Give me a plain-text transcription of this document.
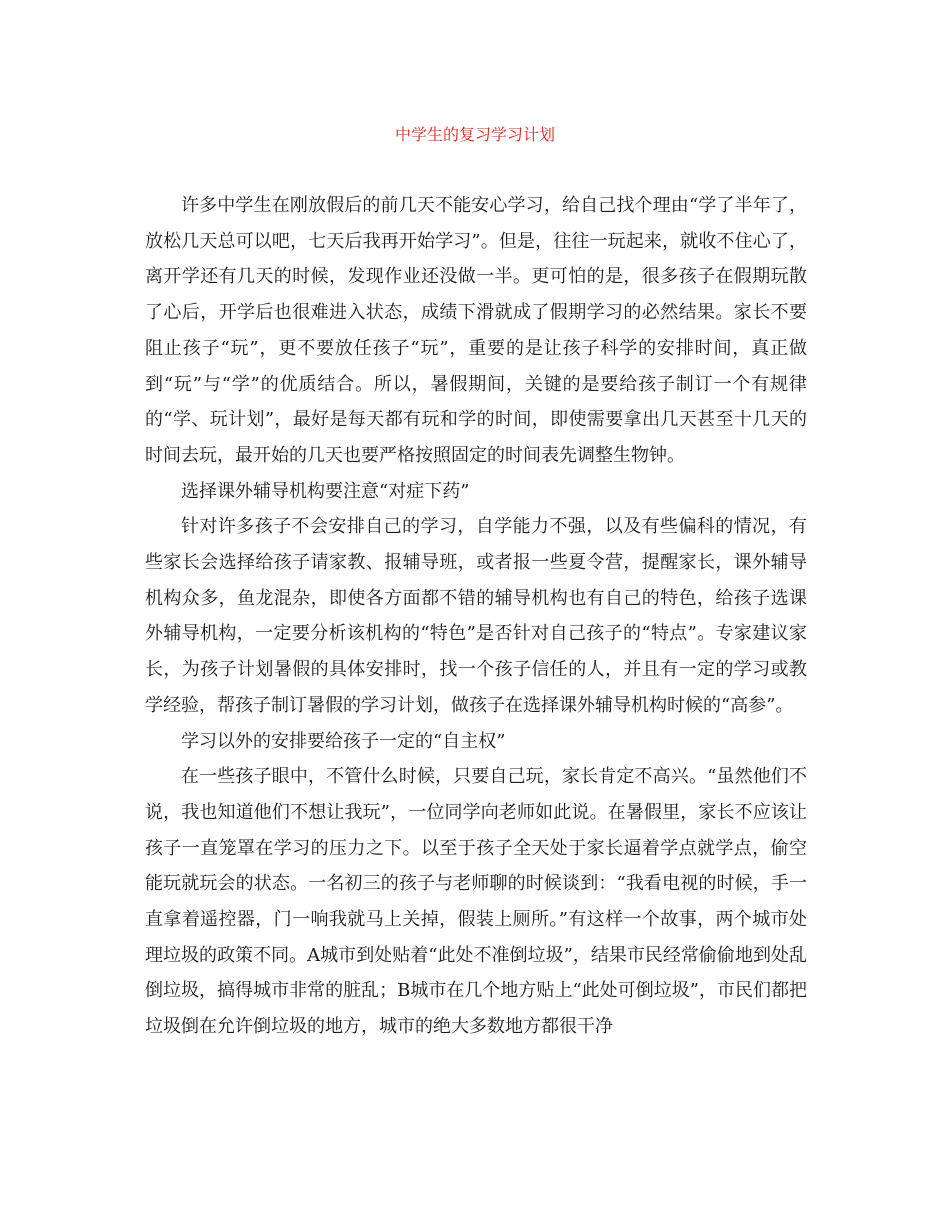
中学生的复习学习计划

许多中学生在刚放假后的前几天不能安心学习，给自己找个理由“学了半年了，放松几天总可以吧，七天后我再开始学习”。但是，往往一玩起来，就收不住心了，离开学还有几天的时候，发现作业还没做一半。更可怕的是，很多孩子在假期玩散了心后，开学后也很难进入状态，成绩下滑就成了假期学习的必然结果。家长不要阻止孩子“玩”，更不要放任孩子“玩”，重要的是让孩子科学的安排时间，真正做到“玩”与“学”的优质结合。所以，暑假期间，关键的是要给孩子制订一个有规律的“学、玩计划”，最好是每天都有玩和学的时间，即使需要拿出几天甚至十几天的时间去玩，最开始的几天也要严格按照固定的时间表先调整生物钟。

选择课外辅导机构要注意“对症下药”

针对许多孩子不会安排自己的学习，自学能力不强，以及有些偏科的情况，有些家长会选择给孩子请家教、报辅导班，或者报一些夏令营，提醒家长，课外辅导机构众多，鱼龙混杂，即使各方面都不错的辅导机构也有自己的特色，给孩子选课外辅导机构，一定要分析该机构的“特色”是否针对自己孩子的“特点”。专家建议家长，为孩子计划暑假的具体安排时，找一个孩子信任的人，并且有一定的学习或教学经验，帮孩子制订暑假的学习计划，做孩子在选择课外辅导机构时候的“高参”。

学习以外的安排要给孩子一定的“自主权”

在一些孩子眼中，不管什么时候，只要自己玩，家长肯定不高兴。“虽然他们不说，我也知道他们不想让我玩”，一位同学向老师如此说。在暑假里，家长不应该让孩子一直笼罩在学习的压力之下。以至于孩子全天处于家长逼着学点就学点，偷空能玩就玩会的状态。一名初三的孩子与老师聊的时候谈到：“我看电视的时候，手一直拿着遥控器，门一响我就马上关掉，假装上厕所。”有这样一个故事，两个城市处理垃圾的政策不同。A城市到处贴着“此处不准倒垃圾”，结果市民经常偷偷地到处乱倒垃圾，搞得城市非常的脏乱；B城市在几个地方贴上“此处可倒垃圾”，市民们都把垃圾倒在允许倒垃圾的地方，城市的绝大多数地方都很干净
